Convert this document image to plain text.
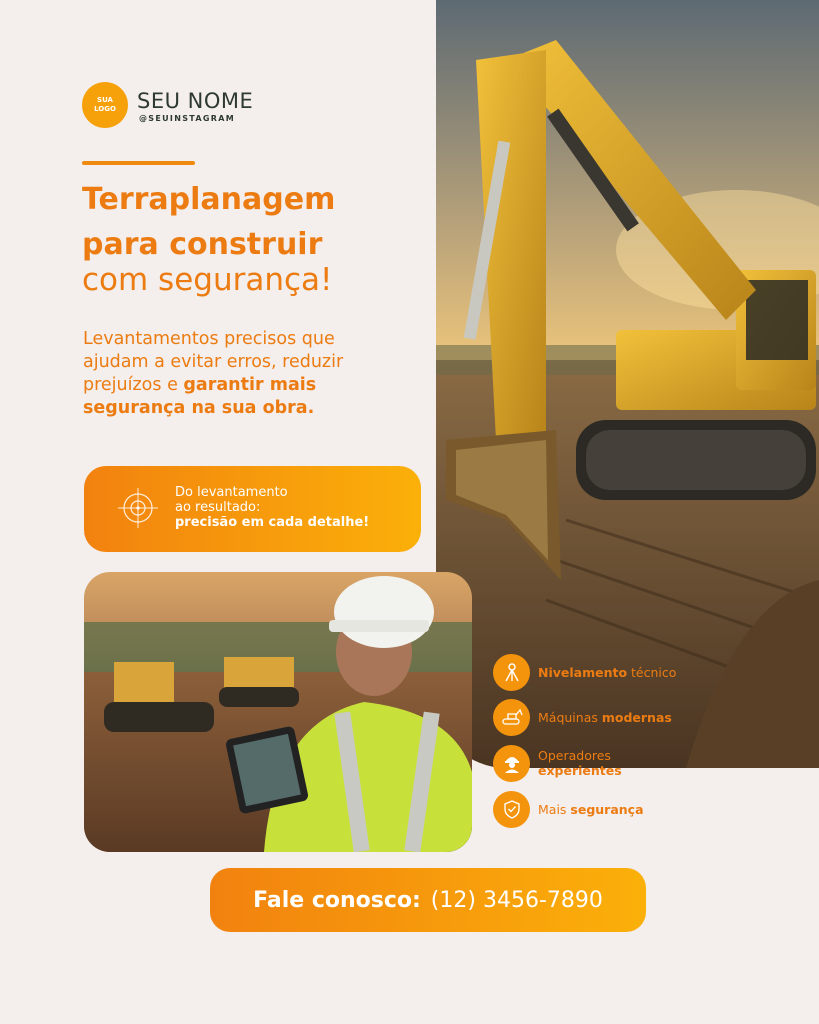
SUA
LOGO SEU NOME
@SEUINSTAGRAM
Terraplanagem
para construir
com segurança!
Levantamentos precisos que ajudam a evitar erros, reduzir prejuízos e garantir mais segurança na sua obra.
Do levantamento
ao resultado:
precisão em cada detalhe!
Nivelamento técnico
Máquinas modernas
Operadores
experientes
Mais segurança
Fale conosco: (12) 3456-7890
